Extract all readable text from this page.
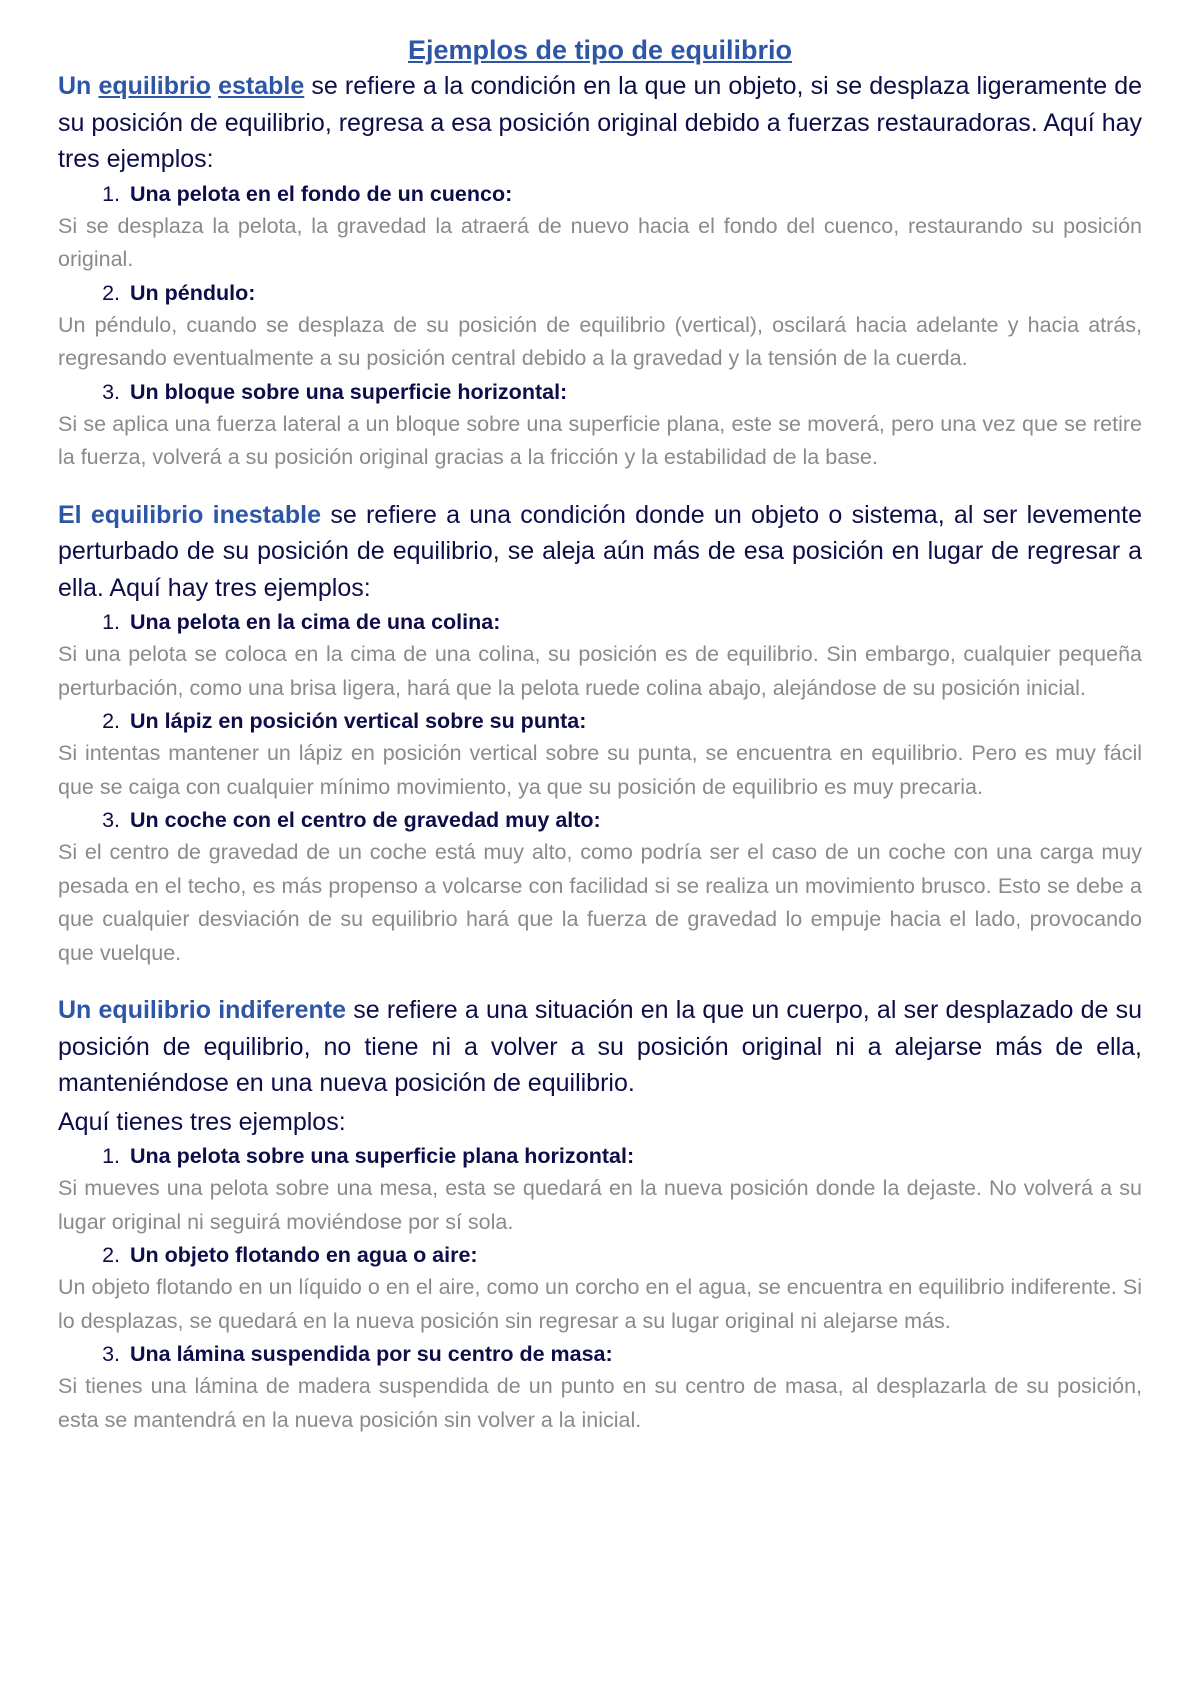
Ejemplos de tipo de equilibrio

Un equilibrio estable se refiere a la condición en la que un objeto, si se desplaza ligeramente de su posición de equilibrio, regresa a esa posición original debido a fuerzas restauradoras. Aquí hay tres ejemplos:

1. Una pelota en el fondo de un cuenco:

Si se desplaza la pelota, la gravedad la atraerá de nuevo hacia el fondo del cuenco, restaurando su posición original.

2. Un péndulo:

Un péndulo, cuando se desplaza de su posición de equilibrio (vertical), oscilará hacia adelante y hacia atrás, regresando eventualmente a su posición central debido a la gravedad y la tensión de la cuerda.

3. Un bloque sobre una superficie horizontal:

Si se aplica una fuerza lateral a un bloque sobre una superficie plana, este se moverá, pero una vez que se retire la fuerza, volverá a su posición original gracias a la fricción y la estabilidad de la base.

El equilibrio inestable se refiere a una condición donde un objeto o sistema, al ser levemente perturbado de su posición de equilibrio, se aleja aún más de esa posición en lugar de regresar a ella. Aquí hay tres ejemplos:

1. Una pelota en la cima de una colina:

Si una pelota se coloca en la cima de una colina, su posición es de equilibrio. Sin embargo, cualquier pequeña perturbación, como una brisa ligera, hará que la pelota ruede colina abajo, alejándose de su posición inicial.

2. Un lápiz en posición vertical sobre su punta:

Si intentas mantener un lápiz en posición vertical sobre su punta, se encuentra en equilibrio. Pero es muy fácil que se caiga con cualquier mínimo movimiento, ya que su posición de equilibrio es muy precaria.

3. Un coche con el centro de gravedad muy alto:

Si el centro de gravedad de un coche está muy alto, como podría ser el caso de un coche con una carga muy pesada en el techo, es más propenso a volcarse con facilidad si se realiza un movimiento brusco. Esto se debe a que cualquier desviación de su equilibrio hará que la fuerza de gravedad lo empuje hacia el lado, provocando que vuelque.

Un equilibrio indiferente se refiere a una situación en la que un cuerpo, al ser desplazado de su posición de equilibrio, no tiene ni a volver a su posición original ni a alejarse más de ella, manteniéndose en una nueva posición de equilibrio.
Aquí tienes tres ejemplos:

1. Una pelota sobre una superficie plana horizontal:

Si mueves una pelota sobre una mesa, esta se quedará en la nueva posición donde la dejaste. No volverá a su lugar original ni seguirá moviéndose por sí sola.

2. Un objeto flotando en agua o aire:

Un objeto flotando en un líquido o en el aire, como un corcho en el agua, se encuentra en equilibrio indiferente. Si lo desplazas, se quedará en la nueva posición sin regresar a su lugar original ni alejarse más.

3. Una lámina suspendida por su centro de masa:

Si tienes una lámina de madera suspendida de un punto en su centro de masa, al desplazarla de su posición, esta se mantendrá en la nueva posición sin volver a la inicial.
